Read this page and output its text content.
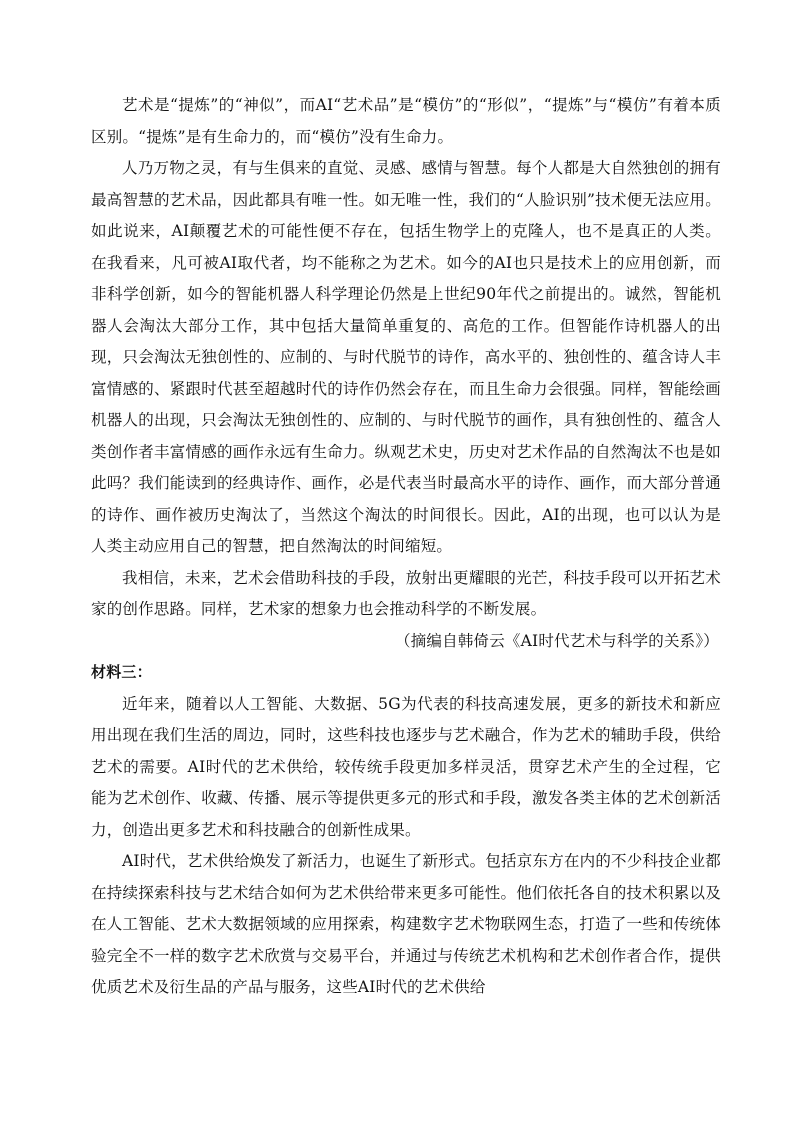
艺术是“提炼”的“神似”，而AI“艺术品”是“模仿”的“形似”，“提炼”与“模仿”有着本质区别。“提炼”是有生命力的，而“模仿”没有生命力。

人乃万物之灵，有与生俱来的直觉、灵感、感情与智慧。每个人都是大自然独创的拥有最高智慧的艺术品，因此都具有唯一性。如无唯一性，我们的“人脸识别”技术便无法应用。如此说来，AI颠覆艺术的可能性便不存在，包括生物学上的克隆人，也不是真正的人类。在我看来，凡可被AI取代者，均不能称之为艺术。如今的AI也只是技术上的应用创新，而非科学创新，如今的智能机器人科学理论仍然是上世纪90年代之前提出的。诚然，智能机器人会淘汰大部分工作，其中包括大量简单重复的、高危的工作。但智能作诗机器人的出现，只会淘汰无独创性的、应制的、与时代脱节的诗作，高水平的、独创性的、蕴含诗人丰富情感的、紧跟时代甚至超越时代的诗作仍然会存在，而且生命力会很强。同样，智能绘画机器人的出现，只会淘汰无独创性的、应制的、与时代脱节的画作，具有独创性的、蕴含人类创作者丰富情感的画作永远有生命力。纵观艺术史，历史对艺术作品的自然淘汰不也是如此吗？我们能读到的经典诗作、画作，必是代表当时最高水平的诗作、画作，而大部分普通的诗作、画作被历史淘汰了，当然这个淘汰的时间很长。因此，AI的出现，也可以认为是人类主动应用自己的智慧，把自然淘汰的时间缩短。

我相信，未来，艺术会借助科技的手段，放射出更耀眼的光芒，科技手段可以开拓艺术家的创作思路。同样，艺术家的想象力也会推动科学的不断发展。

（摘编自韩倚云《AI时代艺术与科学的关系》）

材料三：

近年来，随着以人工智能、大数据、5G为代表的科技高速发展，更多的新技术和新应用出现在我们生活的周边，同时，这些科技也逐步与艺术融合，作为艺术的辅助手段，供给艺术的需要。AI时代的艺术供给，较传统手段更加多样灵活，贯穿艺术产生的全过程，它能为艺术创作、收藏、传播、展示等提供更多元的形式和手段，激发各类主体的艺术创新活力，创造出更多艺术和科技融合的创新性成果。

AI时代，艺术供给焕发了新活力，也诞生了新形式。包括京东方在内的不少科技企业都在持续探索科技与艺术结合如何为艺术供给带来更多可能性。他们依托各自的技术积累以及在人工智能、艺术大数据领域的应用探索，构建数字艺术物联网生态，打造了一些和传统体验完全不一样的数字艺术欣赏与交易平台，并通过与传统艺术机构和艺术创作者合作，提供优质艺术及衍生品的产品与服务，这些AI时代的艺术供给
